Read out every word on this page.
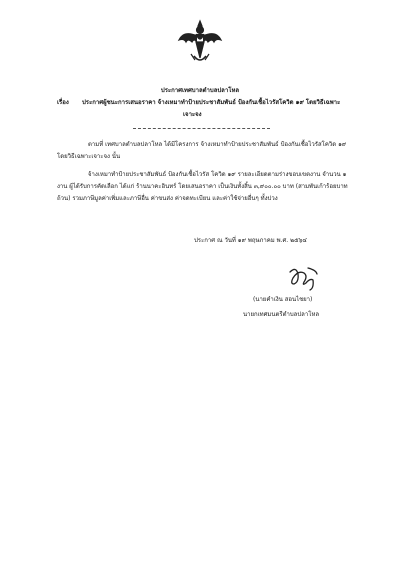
ประกาศเทศบาลตำบลปลาโหล
เรื่อง ประกาศผู้ชนะการเสนอราคา จ้างเหมาทำป้ายประชาสัมพันธ์ ป้องกันเชื้อไวรัสโควิด ๑๙ โดยวิธีเฉพาะ
เจาะจง
ตามที่ เทศบาลตำบลปลาโหล ได้มีโครงการ จ้างเหมาทำป้ายประชาสัมพันธ์ ป้องกันเชื้อไวรัสโควิด ๑๙
โดยวิธีเฉพาะเจาะจง นั้น
จ้างเหมาทำป้ายประชาสัมพันธ์ ป้องกันเชื้อไวรัส โควิด ๑๙ รายละเอียดตามร่างขอบเขตงาน จำนวน ๑
งาน ผู้ได้รับการคัดเลือก ได้แก่ ร้านนาคะอินทร์ โดยเสนอราคา เป็นเงินทั้งสิ้น ๓,๙๐๐.๐๐ บาท (สามพันเก้าร้อยบาท
ถ้วน) รวมภาษีมูลค่าเพิ่มและภาษีอื่น ค่าขนส่ง ค่าจดทะเบียน และค่าใช้จ่ายอื่นๆ ทั้งปวง
ประกาศ ณ วันที่ ๑๙ พฤษภาคม พ.ศ. ๒๕๖๔
(นายคำเงิน สอนไชยา)
นายกเทศมนตรีตำบลปลาโหล
